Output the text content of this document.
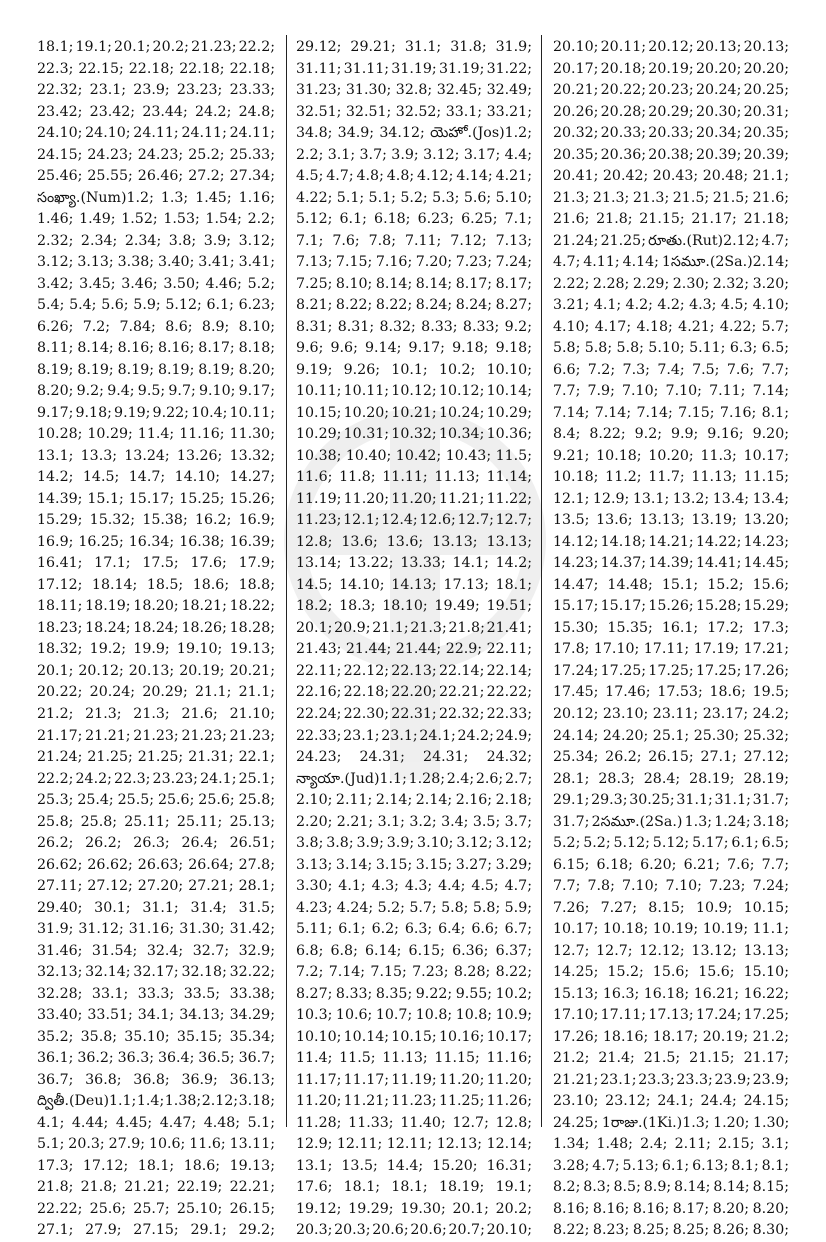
18.1; 19.1; 20.1; 20.2; 21.23; 22.2;

22.3; 22.15; 22.18; 22.18; 22.18;

22.32; 23.1; 23.9; 23.23; 23.33;

23.42; 23.42; 23.44; 24.2; 24.8;

24.10; 24.10; 24.11; 24.11; 24.11;

24.15; 24.23; 24.23; 25.2; 25.33;

25.46; 25.55; 26.46; 27.2; 27.34;

సంఖ్యా.(Num)1.2; 1.3; 1.45; 1.16;

1.46; 1.49; 1.52; 1.53; 1.54; 2.2;

2.32; 2.34; 2.34; 3.8; 3.9; 3.12;

3.12; 3.13; 3.38; 3.40; 3.41; 3.41;

3.42; 3.45; 3.46; 3.50; 4.46; 5.2;

5.4; 5.4; 5.6; 5.9; 5.12; 6.1; 6.23;

6.26; 7.2; 7.84; 8.6; 8.9; 8.10;

8.11; 8.14; 8.16; 8.16; 8.17; 8.18;

8.19; 8.19; 8.19; 8.19; 8.19; 8.20;

8.20; 9.2; 9.4; 9.5; 9.7; 9.10; 9.17;

9.17; 9.18; 9.19; 9.22; 10.4; 10.11;

10.28; 10.29; 11.4; 11.16; 11.30;

13.1; 13.3; 13.24; 13.26; 13.32;

14.2; 14.5; 14.7; 14.10; 14.27;

14.39; 15.1; 15.17; 15.25; 15.26;

15.29; 15.32; 15.38; 16.2; 16.9;

16.9; 16.25; 16.34; 16.38; 16.39;

16.41; 17.1; 17.5; 17.6; 17.9;

17.12; 18.14; 18.5; 18.6; 18.8;

18.11; 18.19; 18.20; 18.21; 18.22;

18.23; 18.24; 18.24; 18.26; 18.28;

18.32; 19.2; 19.9; 19.10; 19.13;

20.1; 20.12; 20.13; 20.19; 20.21;

20.22; 20.24; 20.29; 21.1; 21.1;

21.2; 21.3; 21.3; 21.6; 21.10;

21.17; 21.21; 21.23; 21.23; 21.23;

21.24; 21.25; 21.25; 21.31; 22.1;

22.2; 24.2; 22.3; 23.23; 24.1; 25.1;

25.3; 25.4; 25.5; 25.6; 25.6; 25.8;

25.8; 25.8; 25.11; 25.11; 25.13;

26.2; 26.2; 26.3; 26.4; 26.51;

26.62; 26.62; 26.63; 26.64; 27.8;

27.11; 27.12; 27.20; 27.21; 28.1;

29.40; 30.1; 31.1; 31.4; 31.5;

31.9; 31.12; 31.16; 31.30; 31.42;

31.46; 31.54; 32.4; 32.7; 32.9;

32.13; 32.14; 32.17; 32.18; 32.22;

32.28; 33.1; 33.3; 33.5; 33.38;

33.40; 33.51; 34.1; 34.13; 34.29;

35.2; 35.8; 35.10; 35.15; 35.34;

36.1; 36.2; 36.3; 36.4; 36.5; 36.7;

36.7; 36.8; 36.8; 36.9; 36.13;

ద్వితీ.(Deu)1.1; 1.4; 1.38; 2.12; 3.18;

4.1; 4.44; 4.45; 4.47; 4.48; 5.1;

5.1; 20.3; 27.9; 10.6; 11.6; 13.11;

17.3; 17.12; 18.1; 18.6; 19.13;

21.8; 21.8; 21.21; 22.19; 22.21;

22.22; 25.6; 25.7; 25.10; 26.15;

27.1; 27.9; 27.15; 29.1; 29.2;

29.12; 29.21; 31.1; 31.8; 31.9;

31.11; 31.11; 31.19; 31.19; 31.22;

31.23; 31.30; 32.8; 32.45; 32.49;

32.51; 32.51; 32.52; 33.1; 33.21;

34.8; 34.9; 34.12; యెహో.(Jos)1.2;

2.2; 3.1; 3.7; 3.9; 3.12; 3.17; 4.4;

4.5; 4.7; 4.8; 4.8; 4.12; 4.14; 4.21;

4.22; 5.1; 5.1; 5.2; 5.3; 5.6; 5.10;

5.12; 6.1; 6.18; 6.23; 6.25; 7.1;

7.1; 7.6; 7.8; 7.11; 7.12; 7.13;

7.13; 7.15; 7.16; 7.20; 7.23; 7.24;

7.25; 8.10; 8.14; 8.14; 8.17; 8.17;

8.21; 8.22; 8.22; 8.24; 8.24; 8.27;

8.31; 8.31; 8.32; 8.33; 8.33; 9.2;

9.6; 9.6; 9.14; 9.17; 9.18; 9.18;

9.19; 9.26; 10.1; 10.2; 10.10;

10.11; 10.11; 10.12; 10.12; 10.14;

10.15; 10.20; 10.21; 10.24; 10.29;

10.29; 10.31; 10.32; 10.34; 10.36;

10.38; 10.40; 10.42; 10.43; 11.5;

11.6; 11.8; 11.11; 11.13; 11.14;

11.19; 11.20; 11.20; 11.21; 11.22;

11.23; 12.1; 12.4; 12.6; 12.7; 12.7;

12.8; 13.6; 13.6; 13.13; 13.13;

13.14; 13.22; 13.33; 14.1; 14.2;

14.5; 14.10; 14.13; 17.13; 18.1;

18.2; 18.3; 18.10; 19.49; 19.51;

20.1; 20.9; 21.1; 21.3; 21.8; 21.41;

21.43; 21.44; 21.44; 22.9; 22.11;

22.11; 22.12; 22.13; 22.14; 22.14;

22.16; 22.18; 22.20; 22.21; 22.22;

22.24; 22.30; 22.31; 22.32; 22.33;

22.33; 23.1; 23.1; 24.1; 24.2; 24.9;

24.23; 24.31; 24.31; 24.32;

న్యాయా.(Jud)1.1; 1.28; 2.4; 2.6; 2.7;

2.10; 2.11; 2.14; 2.14; 2.16; 2.18;

2.20; 2.21; 3.1; 3.2; 3.4; 3.5; 3.7;

3.8; 3.8; 3.9; 3.9; 3.10; 3.12; 3.12;

3.13; 3.14; 3.15; 3.15; 3.27; 3.29;

3.30; 4.1; 4.3; 4.3; 4.4; 4.5; 4.7;

4.23; 4.24; 5.2; 5.7; 5.8; 5.8; 5.9;

5.11; 6.1; 6.2; 6.3; 6.4; 6.6; 6.7;

6.8; 6.8; 6.14; 6.15; 6.36; 6.37;

7.2; 7.14; 7.15; 7.23; 8.28; 8.22;

8.27; 8.33; 8.35; 9.22; 9.55; 10.2;

10.3; 10.6; 10.7; 10.8; 10.8; 10.9;

10.10; 10.14; 10.15; 10.16; 10.17;

11.4; 11.5; 11.13; 11.15; 11.16;

11.17; 11.17; 11.19; 11.20; 11.20;

11.20; 11.21; 11.23; 11.25; 11.26;

11.28; 11.33; 11.40; 12.7; 12.8;

12.9; 12.11; 12.11; 12.13; 12.14;

13.1; 13.5; 14.4; 15.20; 16.31;

17.6; 18.1; 18.1; 18.19; 19.1;

19.12; 19.29; 19.30; 20.1; 20.2;

20.3; 20.3; 20.6; 20.6; 20.7; 20.10;

20.10; 20.11; 20.12; 20.13; 20.13;

20.17; 20.18; 20.19; 20.20; 20.20;

20.21; 20.22; 20.23; 20.24; 20.25;

20.26; 20.28; 20.29; 20.30; 20.31;

20.32; 20.33; 20.33; 20.34; 20.35;

20.35; 20.36; 20.38; 20.39; 20.39;

20.41; 20.42; 20.43; 20.48; 21.1;

21.3; 21.3; 21.3; 21.5; 21.5; 21.6;

21.6; 21.8; 21.15; 21.17; 21.18;

21.24; 21.25; రూతు.(Rut)2.12; 4.7;

4.7; 4.11; 4.14; 1సమూ.(2Sa.)2.14;

2.22; 2.28; 2.29; 2.30; 2.32; 3.20;

3.21; 4.1; 4.2; 4.2; 4.3; 4.5; 4.10;

4.10; 4.17; 4.18; 4.21; 4.22; 5.7;

5.8; 5.8; 5.8; 5.10; 5.11; 6.3; 6.5;

6.6; 7.2; 7.3; 7.4; 7.5; 7.6; 7.7;

7.7; 7.9; 7.10; 7.10; 7.11; 7.14;

7.14; 7.14; 7.14; 7.15; 7.16; 8.1;

8.4; 8.22; 9.2; 9.9; 9.16; 9.20;

9.21; 10.18; 10.20; 11.3; 10.17;

10.18; 11.2; 11.7; 11.13; 11.15;

12.1; 12.9; 13.1; 13.2; 13.4; 13.4;

13.5; 13.6; 13.13; 13.19; 13.20;

14.12; 14.18; 14.21; 14.22; 14.23;

14.23; 14.37; 14.39; 14.41; 14.45;

14.47; 14.48; 15.1; 15.2; 15.6;

15.17; 15.17; 15.26; 15.28; 15.29;

15.30; 15.35; 16.1; 17.2; 17.3;

17.8; 17.10; 17.11; 17.19; 17.21;

17.24; 17.25; 17.25; 17.25; 17.26;

17.45; 17.46; 17.53; 18.6; 19.5;

20.12; 23.10; 23.11; 23.17; 24.2;

24.14; 24.20; 25.1; 25.30; 25.32;

25.34; 26.2; 26.15; 27.1; 27.12;

28.1; 28.3; 28.4; 28.19; 28.19;

29.1; 29.3; 30.25; 31.1; 31.1; 31.7;

31.7; 2సమూ.(2Sa.) 1.3; 1.24; 3.18;

5.2; 5.2; 5.12; 5.12; 5.17; 6.1; 6.5;

6.15; 6.18; 6.20; 6.21; 7.6; 7.7;

7.7; 7.8; 7.10; 7.10; 7.23; 7.24;

7.26; 7.27; 8.15; 10.9; 10.15;

10.17; 10.18; 10.19; 10.19; 11.1;

12.7; 12.7; 12.12; 13.12; 13.13;

14.25; 15.2; 15.6; 15.6; 15.10;

15.13; 16.3; 16.18; 16.21; 16.22;

17.10; 17.11; 17.13; 17.24; 17.25;

17.26; 18.16; 18.17; 20.19; 21.2;

21.2; 21.4; 21.5; 21.15; 21.17;

21.21; 23.1; 23.3; 23.3; 23.9; 23.9;

23.10; 23.12; 24.1; 24.4; 24.15;

24.25; 1రాజు.(1Ki.)1.3; 1.20; 1.30;

1.34; 1.48; 2.4; 2.11; 2.15; 3.1;

3.28; 4.7; 5.13; 6.1; 6.13; 8.1; 8.1;

8.2; 8.3; 8.5; 8.9; 8.14; 8.14; 8.15;

8.16; 8.16; 8.16; 8.17; 8.20; 8.20;

8.22; 8.23; 8.25; 8.25; 8.26; 8.30;
